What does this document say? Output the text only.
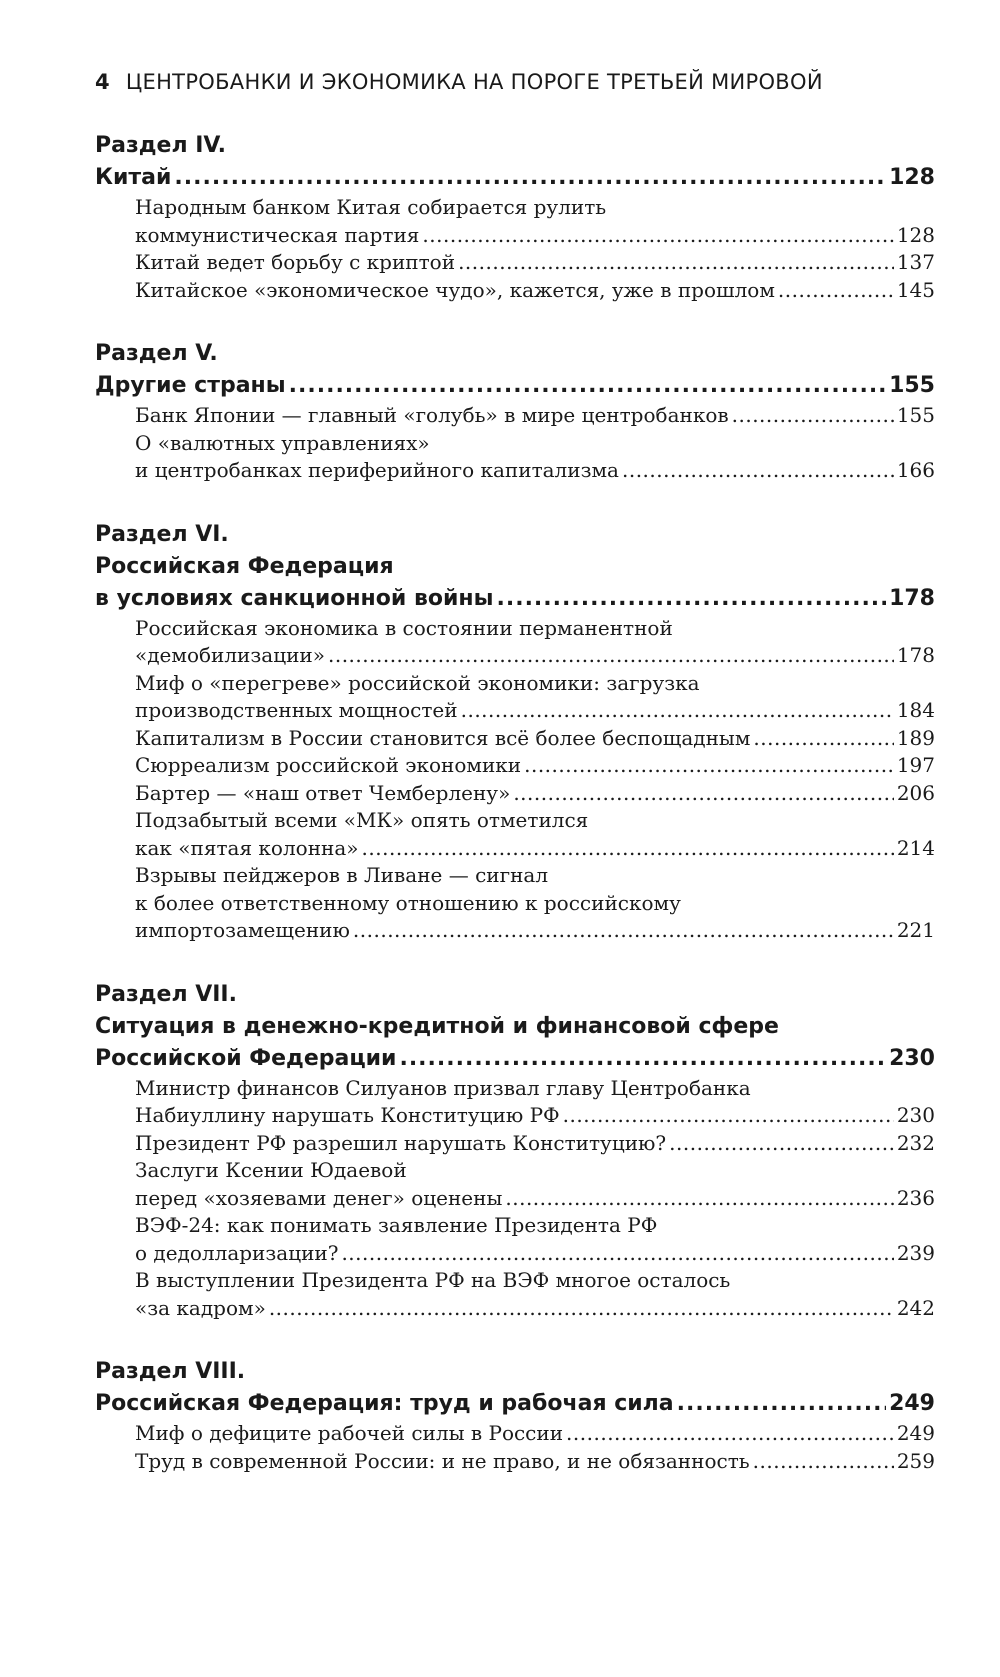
4 ЦЕНТРОБАНКИ И ЭКОНОМИКА НА ПОРОГЕ ТРЕТЬЕЙ МИРОВОЙ
Раздел IV.
Китай .....	128
Народным банком Китая собирается рулить
коммунистическая партия .....	128
Китай ведет борьбу с криптой .....	137
Китайское «экономическое чудо», кажется, уже в прошлом .....	145
Раздел V.
Другие страны .....	155
Банк Японии — главный «голубь» в мире центробанков .....	155
О «валютных управлениях»
и центробанках периферийного капитализма .....	166
Раздел VI.
Российская Федерация
в условиях санкционной войны .....	178
Российская экономика в состоянии перманентной
«демобилизации» .....	178
Миф о «перегреве» российской экономики: загрузка
производственных мощностей .....	184
Капитализм в России становится всё более беспощадным .....	189
Сюрреализм российской экономики .....	197
Бартер — «наш ответ Чемберлену» .....	206
Подзабытый всеми «МК» опять отметился
как «пятая колонна» .....	214
Взрывы пейджеров в Ливане — сигнал
к более ответственному отношению к российскому
импортозамещению .....	221
Раздел VII.
Ситуация в денежно-кредитной и финансовой сфере
Российской Федерации .....	230
Министр финансов Силуанов призвал главу Центробанка
Набиуллину нарушать Конституцию РФ .....	230
Президент РФ разрешил нарушать Конституцию? .....	232
Заслуги Ксении Юдаевой
перед «хозяевами денег» оценены .....	236
ВЭФ-24: как понимать заявление Президента РФ
о дедолларизации? .....	239
В выступлении Президента РФ на ВЭФ многое осталось
«за кадром» .....	242
Раздел VIII.
Российская Федерация: труд и рабочая сила .....	249
Миф о дефиците рабочей силы в России .....	249
Труд в современной России: и не право, и не обязанность .....	259
